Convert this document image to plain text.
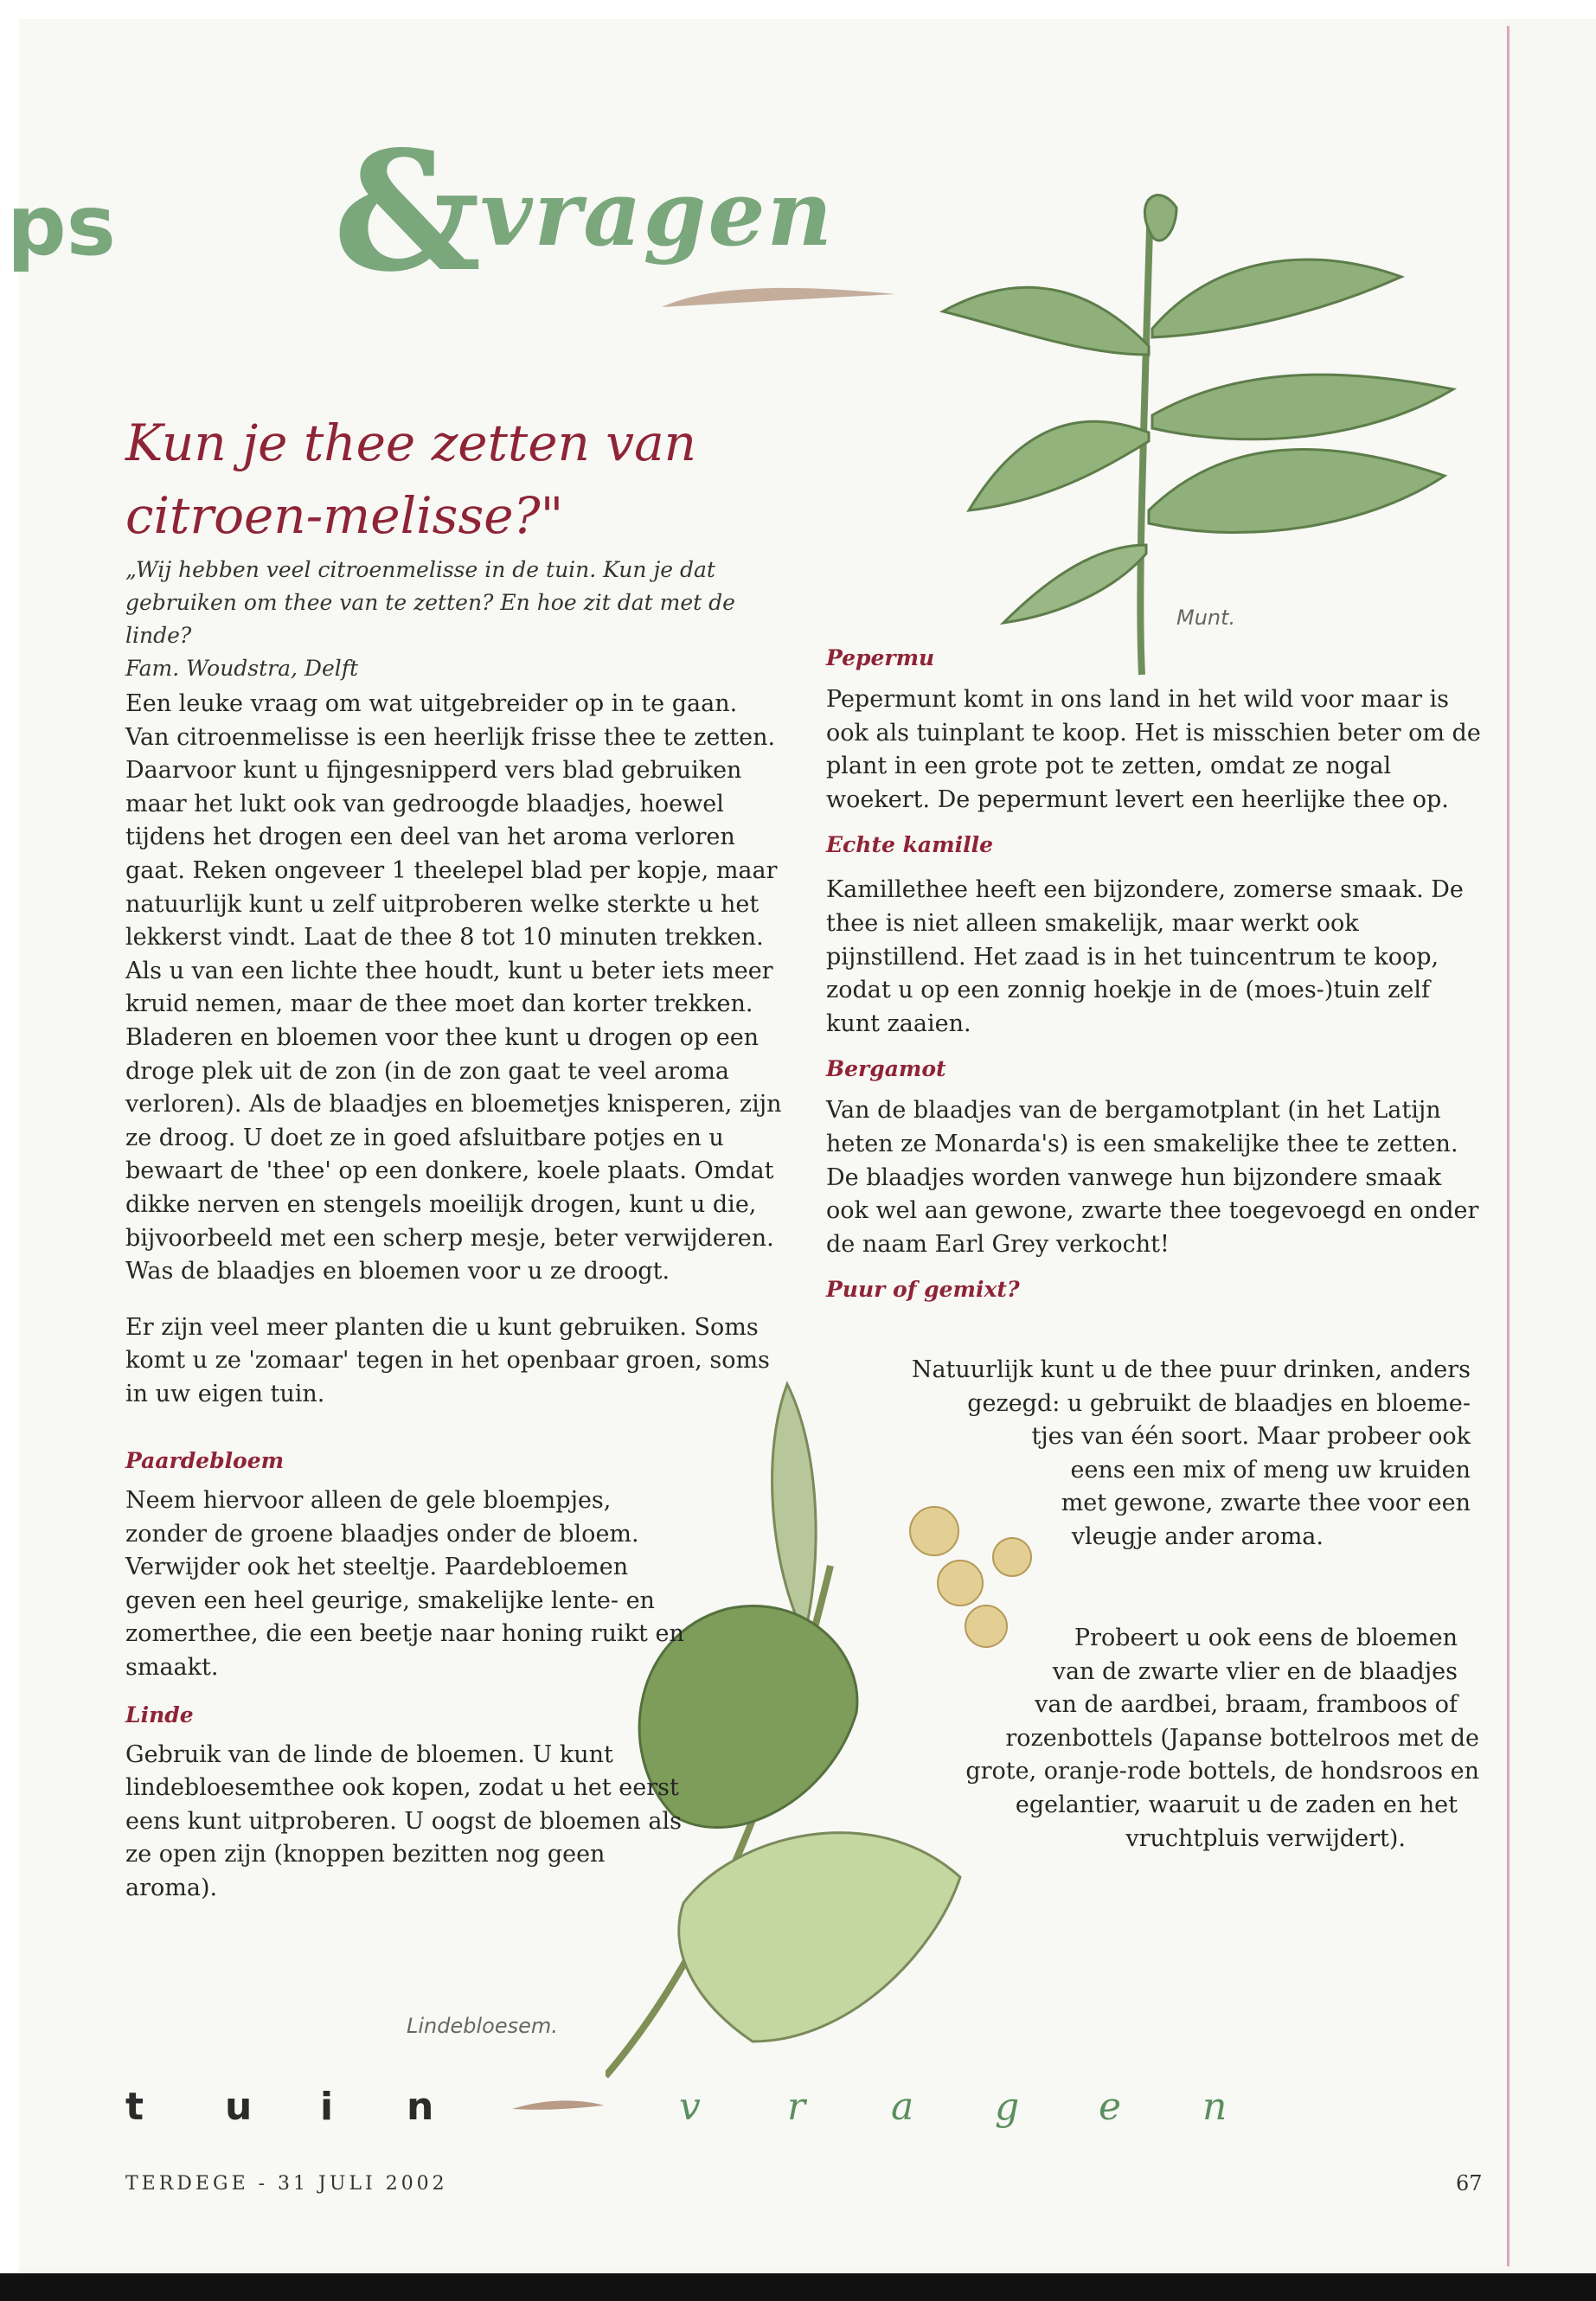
ps &
vragen
Munt.
Lindebloesem.
Kun je thee zetten van citroen-melisse?"
„Wij hebben veel citroenmelisse in de tuin. Kun je dat gebruiken om thee van te zetten? En hoe zit dat met de linde?
Fam. Woudstra, Delft

Een leuke vraag om wat uitgebreider op in te gaan. Van citroenmelisse is een heerlijk frisse thee te zetten. Daarvoor kunt u fijngesnipperd vers blad gebruiken maar het lukt ook van gedroogde blaadjes, hoewel tijdens het drogen een deel van het aroma verloren gaat. Reken ongeveer 1 theelepel blad per kopje, maar natuurlijk kunt u zelf uitproberen welke sterkte u het lekkerst vindt. Laat de thee 8 tot 10 minuten trekken. Als u van een lichte thee houdt, kunt u beter iets meer kruid nemen, maar de thee moet dan korter trekken. Bladeren en bloemen voor thee kunt u drogen op een droge plek uit de zon (in de zon gaat te veel aroma verloren). Als de blaadjes en bloemetjes knisperen, zijn ze droog. U doet ze in goed afsluitbare potjes en u bewaart de 'thee' op een donkere, koele plaats. Omdat dikke nerven en stengels moeilijk drogen, kunt u die, bijvoorbeeld met een scherp mesje, beter verwijderen. Was de blaadjes en bloemen voor u ze droogt.

Er zijn veel meer planten die u kunt gebruiken. Soms komt u ze 'zomaar' tegen in het openbaar groen, soms in uw eigen tuin.

Paardebloem

Neem hiervoor alleen de gele bloempjes, zonder de groene blaadjes onder de bloem. Verwijder ook het steeltje. Paardebloemen geven een heel geurige, smakelijke lente- en zomerthee, die een beetje naar honing ruikt en smaakt.

Linde

Gebruik van de linde de bloemen. U kunt lindebloesemthee ook kopen, zodat u het eerst eens kunt uitproberen. U oogst de bloemen als ze open zijn (knoppen bezitten nog geen aroma).

Pepermu

Pepermunt komt in ons land in het wild voor maar is ook als tuinplant te koop. Het is misschien beter om de plant in een grote pot te zetten, omdat ze nogal woekert. De pepermunt levert een heerlijke thee op.

Echte kamille

Kamillethee heeft een bijzondere, zomerse smaak. De thee is niet alleen smakelijk, maar werkt ook pijnstillend. Het zaad is in het tuincentrum te koop, zodat u op een zonnig hoekje in de (moes-)tuin zelf kunt zaaien.

Bergamot

Van de blaadjes van de bergamotplant (in het Latijn heten ze Monarda's) is een smakelijke thee te zetten. De blaadjes worden vanwege hun bijzondere smaak ook wel aan gewone, zwarte thee toegevoegd en onder de naam Earl Grey verkocht!

Puur of gemixt?
Natuurlijk kunt u de thee puur drinken, anders
gezegd: u gebruikt de blaadjes en bloeme-
tjes van één soort. Maar probeer ook
eens een mix of meng uw kruiden
met gewone, zwarte thee voor een
vleugje ander aroma.
Probeert u ook eens de bloemen
van de zwarte vlier en de blaadjes
van de aardbei, braam, framboos of
rozenbottels (Japanse bottelroos met de
grote, oranje-rode bottels, de hondsroos en
egelantier, waaruit u de zaden en het
vruchtpluis verwijdert).
t u i n	v r a g e n
TERDEGE - 31 JULI 2002	67
